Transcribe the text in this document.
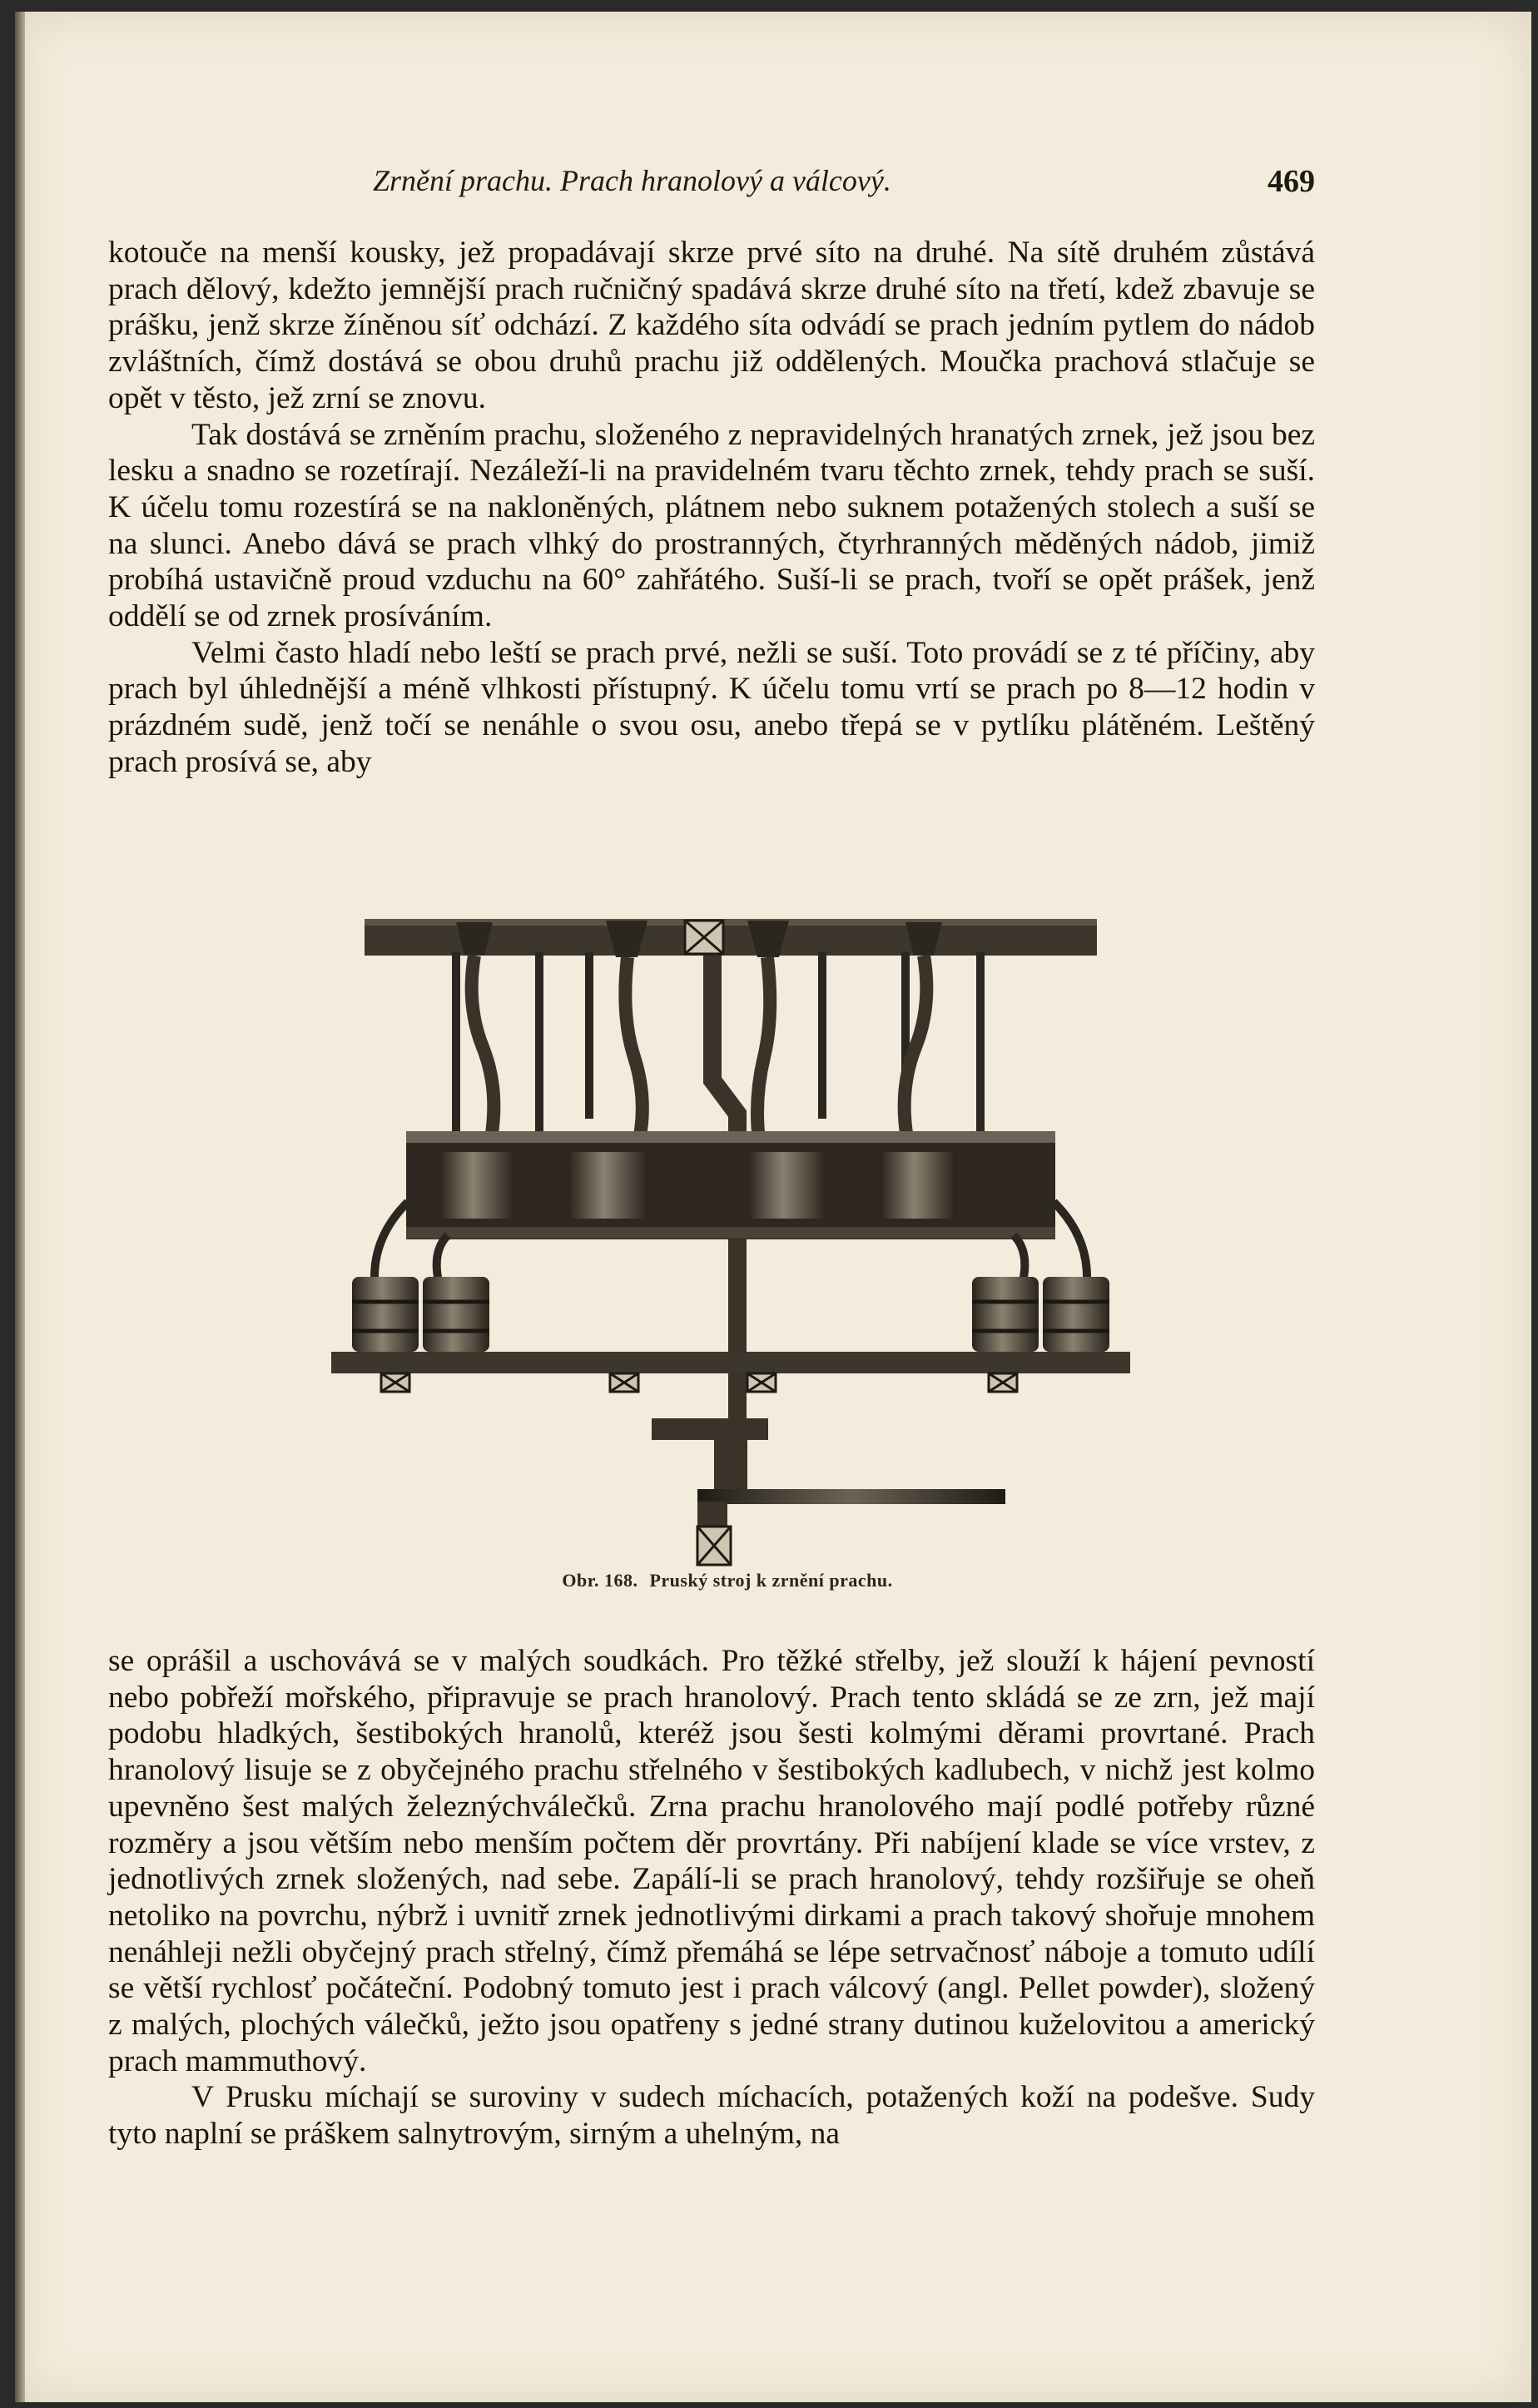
Zrnění prachu. Prach hranolový a válcový.	469

kotouče na menší kousky, jež propadávají skrze prvé síto na druhé. Na sítě druhém zůstává prach dělový, kdežto jemnější prach ručničný spadává skrze druhé síto na třetí, kdež zbavuje se prášku, jenž skrze žíněnou síť odchází. Z každého síta odvádí se prach jedním pytlem do nádob zvláštních, čímž dostává se obou druhů prachu již oddělených. Moučka prachová stlačuje se opět v těsto, jež zrní se znovu.

Tak dostává se zrněním prachu, složeného z nepravidelných hranatých zrnek, jež jsou bez lesku a snadno se rozetírají. Nezáleží-li na pravidelném tvaru těchto zrnek, tehdy prach se suší. K účelu tomu rozestírá se na nakloněných, plátnem nebo suknem potažených stolech a suší se na slunci. Anebo dává se prach vlhký do prostranných, čtyrhranných měděných nádob, jimiž probíhá ustavičně proud vzduchu na 60° zahřátého. Suší-li se prach, tvoří se opět prášek, jenž oddělí se od zrnek prosíváním.

Velmi často hladí nebo leští se prach prvé, nežli se suší. Toto provádí se z té příčiny, aby prach byl úhlednější a méně vlhkosti přístupný. K účelu tomu vrtí se prach po 8—12 hodin v prázdném sudě, jenž točí se nenáhle o svou osu, anebo třepá se v pytlíku plátěném. Leštěný prach prosívá se, aby

Obr. 168. Pruský stroj k zrnění prachu.

se oprášil a uschovává se v malých soudkách. Pro těžké střelby, jež slouží k hájení pevností nebo pobřeží mořského, připravuje se prach hranolový. Prach tento skládá se ze zrn, jež mají podobu hladkých, šestibokých hranolů, kteréž jsou šesti kolmými děrami provrtané. Prach hranolový lisuje se z obyčejného prachu střelného v šestibokých kadlubech, v nichž jest kolmo upevněno šest malých železnýchválečků. Zrna prachu hranolového mají podlé potřeby různé rozměry a jsou větším nebo menším počtem děr provrtány. Při nabíjení klade se více vrstev, z jednotlivých zrnek složených, nad sebe. Zapálí-li se prach hranolový, tehdy rozšiřuje se oheň netoliko na povrchu, nýbrž i uvnitř zrnek jednotlivými dirkami a prach takový shořuje mnohem nenáhleji nežli obyčejný prach střelný, čímž přemáhá se lépe setrvačnosť náboje a tomuto udílí se větší rychlosť počáteční. Podobný tomuto jest i prach válcový (angl. Pellet powder), složený z malých, plochých válečků, ježto jsou opatřeny s jedné strany dutinou kuželovitou a americký prach mammuthový.

V Prusku míchají se suroviny v sudech míchacích, potažených koží na podešve. Sudy tyto naplní se práškem salnytrovým, sirným a uhelným, na
